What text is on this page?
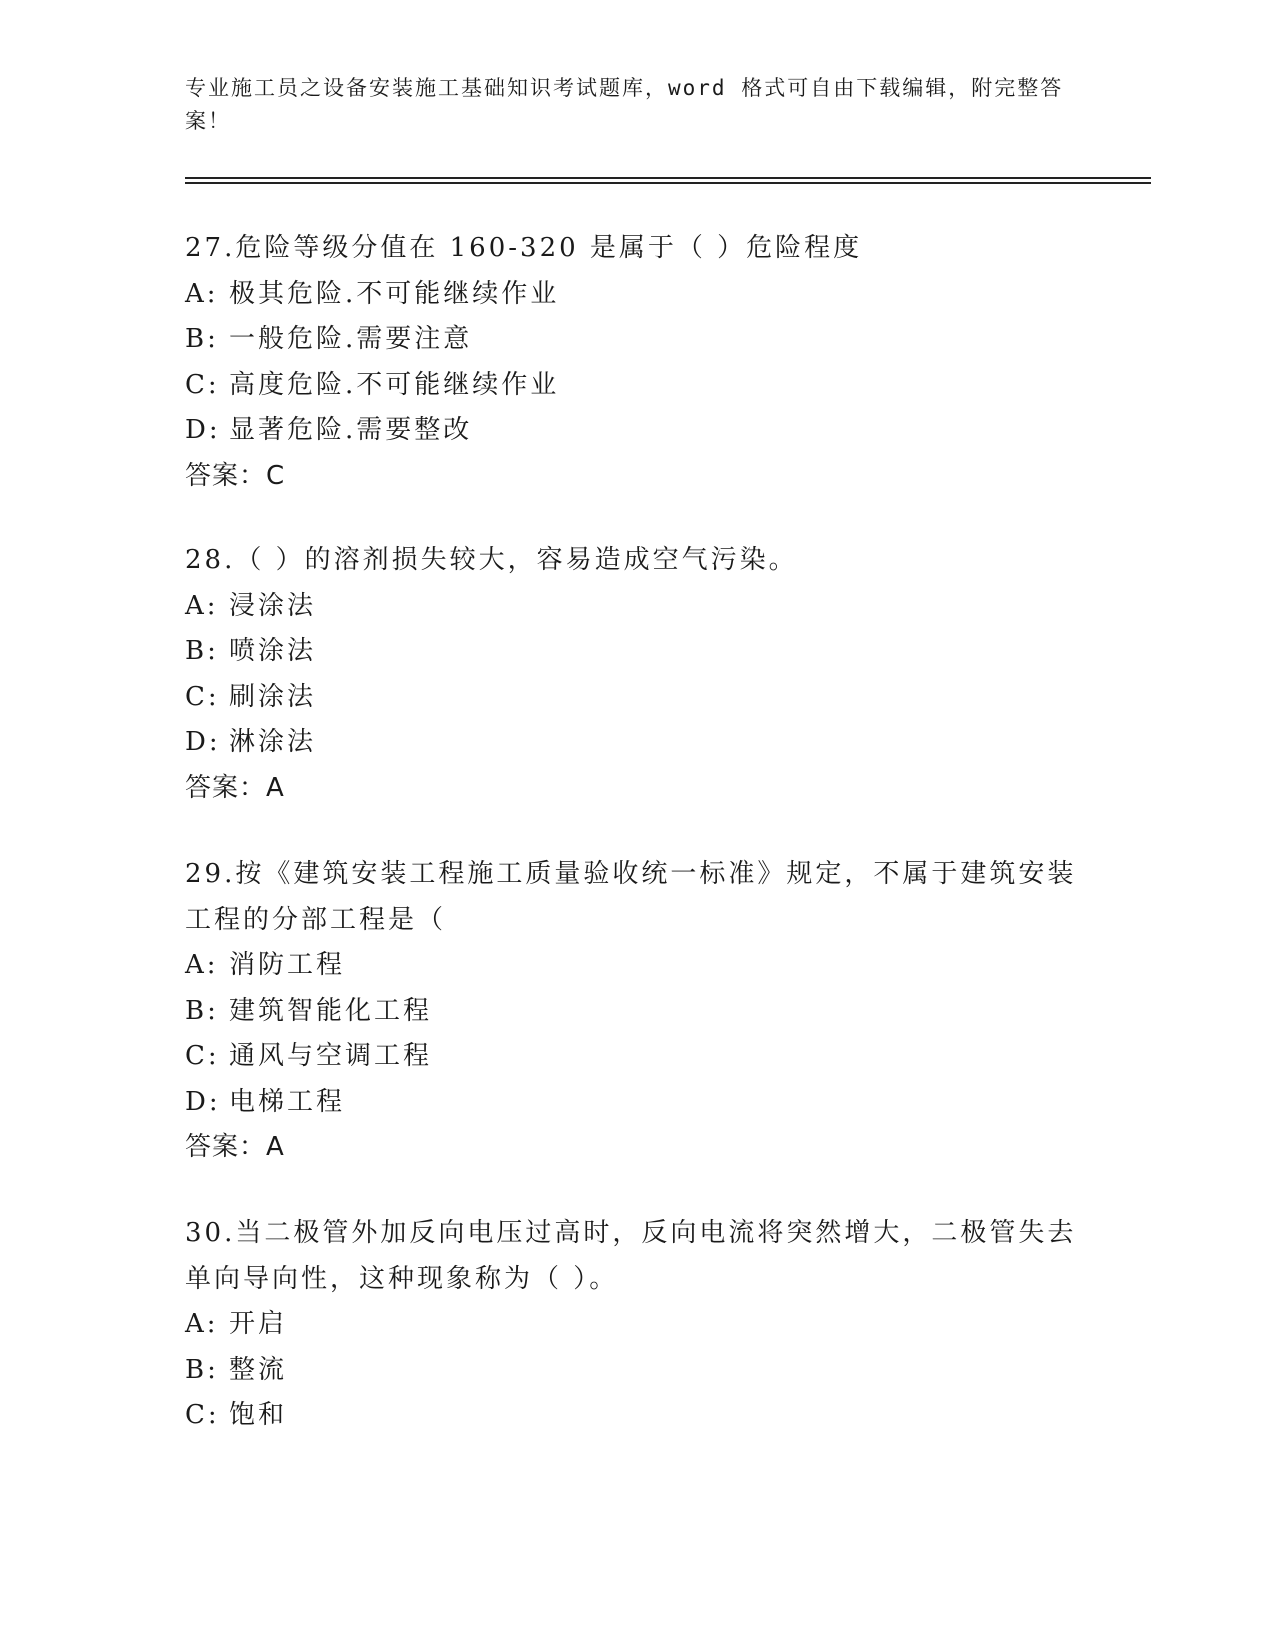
专业施工员之设备安装施工基础知识考试题库，word 格式可自由下载编辑，附完整答案！

27.危险等级分值在 160-320 是属于（ ）危险程度

A: 极其危险.不可能继续作业

B: 一般危险.需要注意

C: 高度危险.不可能继续作业

D: 显著危险.需要整改

答案：C

28.（ ）的溶剂损失较大，容易造成空气污染。

A: 浸涂法

B: 喷涂法

C: 刷涂法

D: 淋涂法

答案：A

29.按《建筑安装工程施工质量验收统一标准》规定，不属于建筑安装工程的分部工程是（

A: 消防工程

B: 建筑智能化工程

C: 通风与空调工程

D: 电梯工程

答案：A

30.当二极管外加反向电压过高时，反向电流将突然增大，二极管失去单向导向性，这种现象称为（ ）。

A: 开启

B: 整流

C: 饱和
